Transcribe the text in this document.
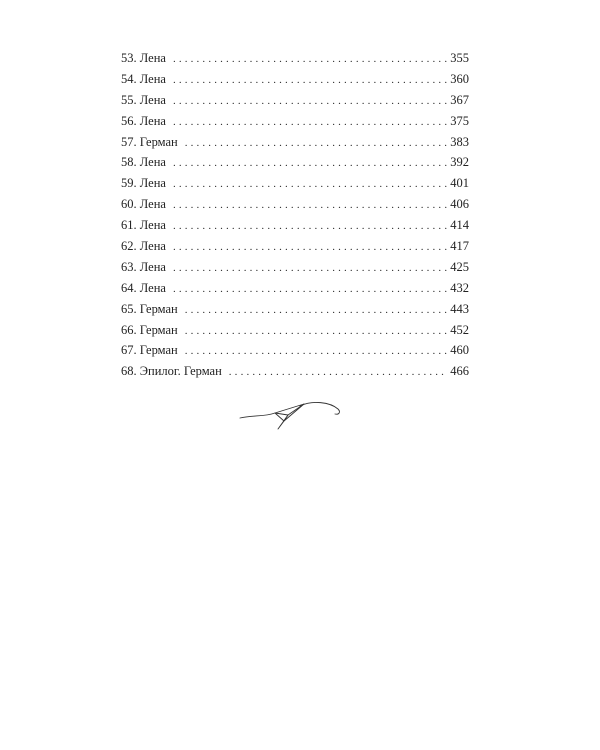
53. Лена . . .	355
54. Лена . . .	360
55. Лена . . .	367
56. Лена . . .	375
57. Герман . . .	383
58. Лена . . .	392
59. Лена . . .	401
60. Лена . . .	406
61. Лена . . .	414
62. Лена . . .	417
63. Лена . . .	425
64. Лена . . .	432
65. Герман . . .	443
66. Герман . . .	452
67. Герман . . .	460
68. Эпилог. Герман . . .	466
